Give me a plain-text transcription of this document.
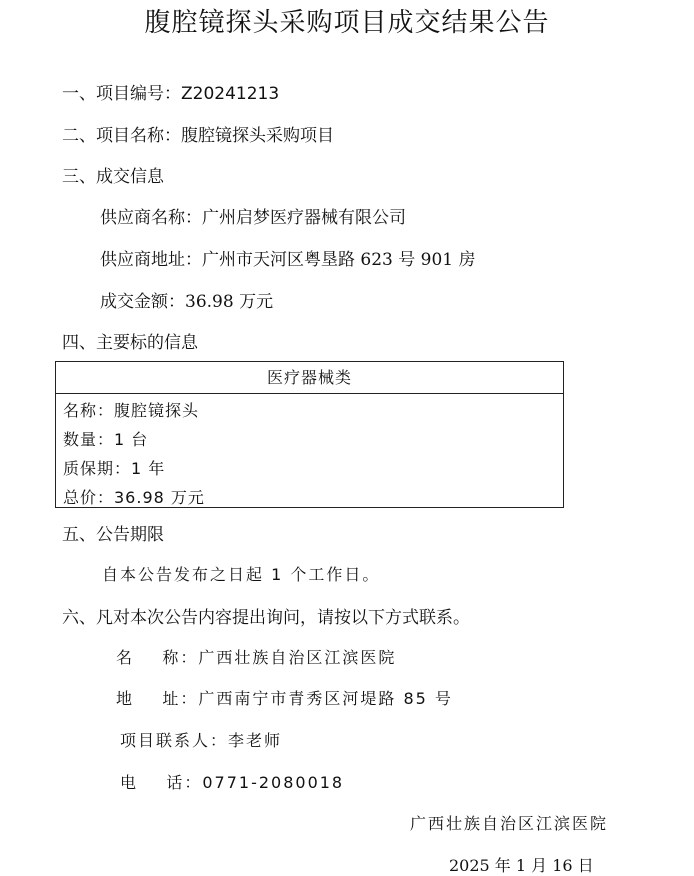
腹腔镜探头采购项目成交结果公告
一、项目编号：Z20241213
二、项目名称：腹腔镜探头采购项目
三、成交信息
供应商名称：广州启梦医疗器械有限公司
供应商地址：广州市天河区粤垦路 623 号 901 房
成交金额：36.98 万元
四、主要标的信息
医疗器械类
名称：腹腔镜探头
数量：1 台
质保期：1 年
总价：36.98 万元
五、公告期限
自本公告发布之日起 1 个工作日。
六、凡对本次公告内容提出询问，请按以下方式联系。
名    称：广西壮族自治区江滨医院
地    址：广西南宁市青秀区河堤路 85 号
项目联系人：李老师
电    话：0771-2080018
广西壮族自治区江滨医院
2025 年 1 月 16 日
